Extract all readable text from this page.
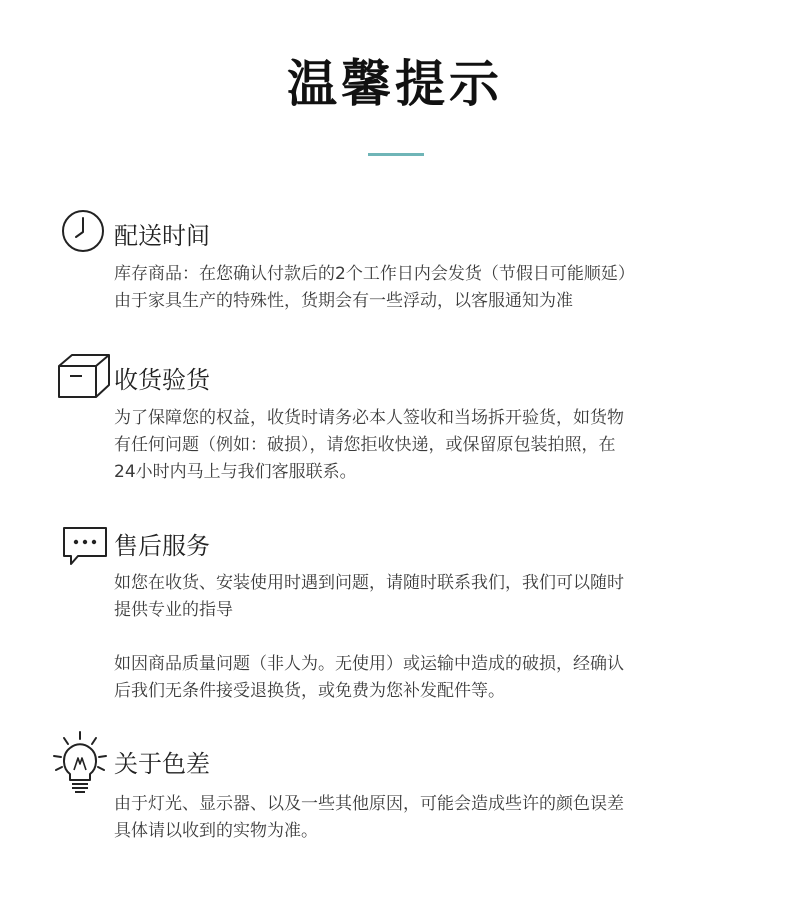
温馨提示
配送时间
库存商品：在您确认付款后的2个工作日内会发货（节假日可能顺延）
由于家具生产的特殊性，货期会有一些浮动，以客服通知为准
收货验货
为了保障您的权益，收货时请务必本人签收和当场拆开验货，如货物
有任何问题（例如：破损），请您拒收快递，或保留原包装拍照，在
24小时内马上与我们客服联系。
售后服务
如您在收货、安装使用时遇到问题，请随时联系我们，我们可以随时
提供专业的指导
如因商品质量问题（非人为。无使用）或运输中造成的破损，经确认
后我们无条件接受退换货，或免费为您补发配件等。
关于色差
由于灯光、显示器、以及一些其他原因，可能会造成些许的颜色误差
具体请以收到的实物为准。
